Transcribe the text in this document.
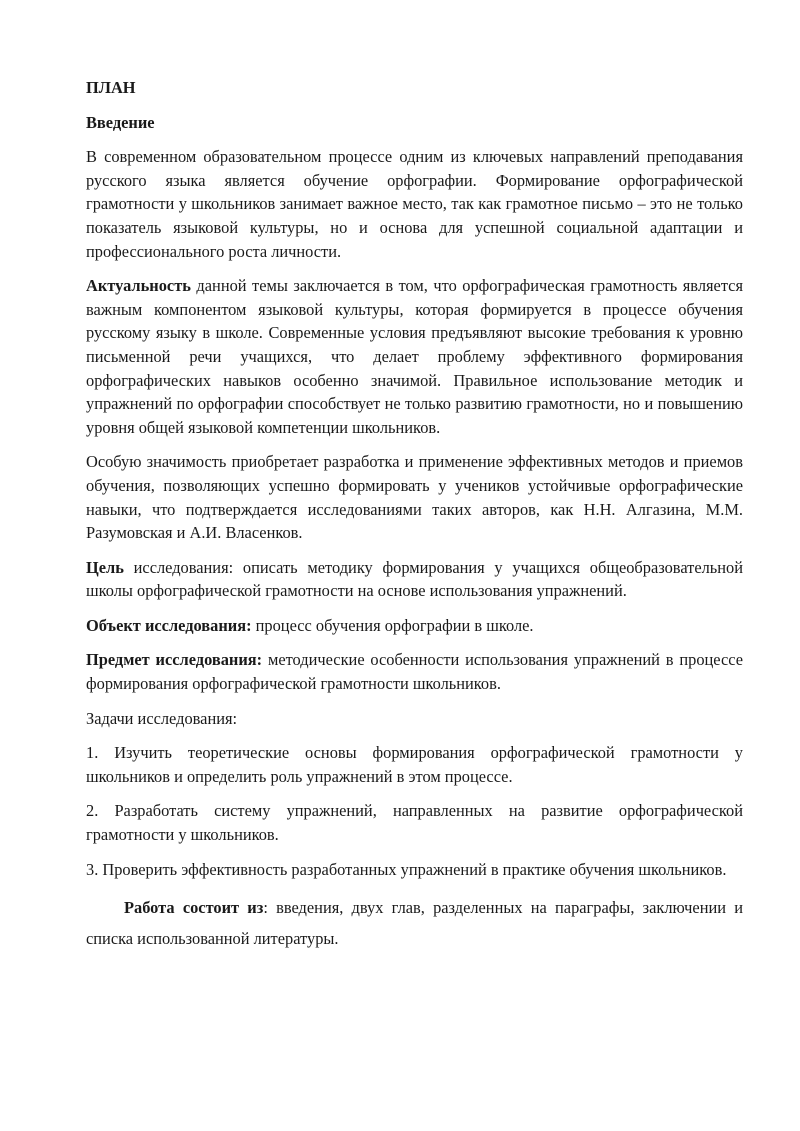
ПЛАН
Введение

В современном образовательном процессе одним из ключевых направлений преподавания русского языка является обучение орфографии. Формирование орфографической грамотности у школьников занимает важное место, так как грамотное письмо – это не только показатель языковой культуры, но и основа для успешной социальной адаптации и профессионального роста личности.

Актуальность данной темы заключается в том, что орфографическая грамотность является важным компонентом языковой культуры, которая формируется в процессе обучения русскому языку в школе. Современные условия предъявляют высокие требования к уровню письменной речи учащихся, что делает проблему эффективного формирования орфографических навыков особенно значимой. Правильное использование методик и упражнений по орфографии способствует не только развитию грамотности, но и повышению уровня общей языковой компетенции школьников.

Особую значимость приобретает разработка и применение эффективных методов и приемов обучения, позволяющих успешно формировать у учеников устойчивые орфографические навыки, что подтверждается исследованиями таких авторов, как Н.Н. Алгазина, М.М. Разумовская и А.И. Власенков.

Цель исследования: описать методику формирования у учащихся общеобразовательной школы орфографической грамотности на основе использования упражнений.

Объект исследования: процесс обучения орфографии в школе.

Предмет исследования: методические особенности использования упражнений в процессе формирования орфографической грамотности школьников.

Задачи исследования:

1. Изучить теоретические основы формирования орфографической грамотности у школьников и определить роль упражнений в этом процессе.

2. Разработать систему упражнений, направленных на развитие орфографической грамотности у школьников.

3. Проверить эффективность разработанных упражнений в практике обучения школьников.

Работа состоит из: введения, двух глав, разделенных на параграфы, заключении и списка использованной литературы.
